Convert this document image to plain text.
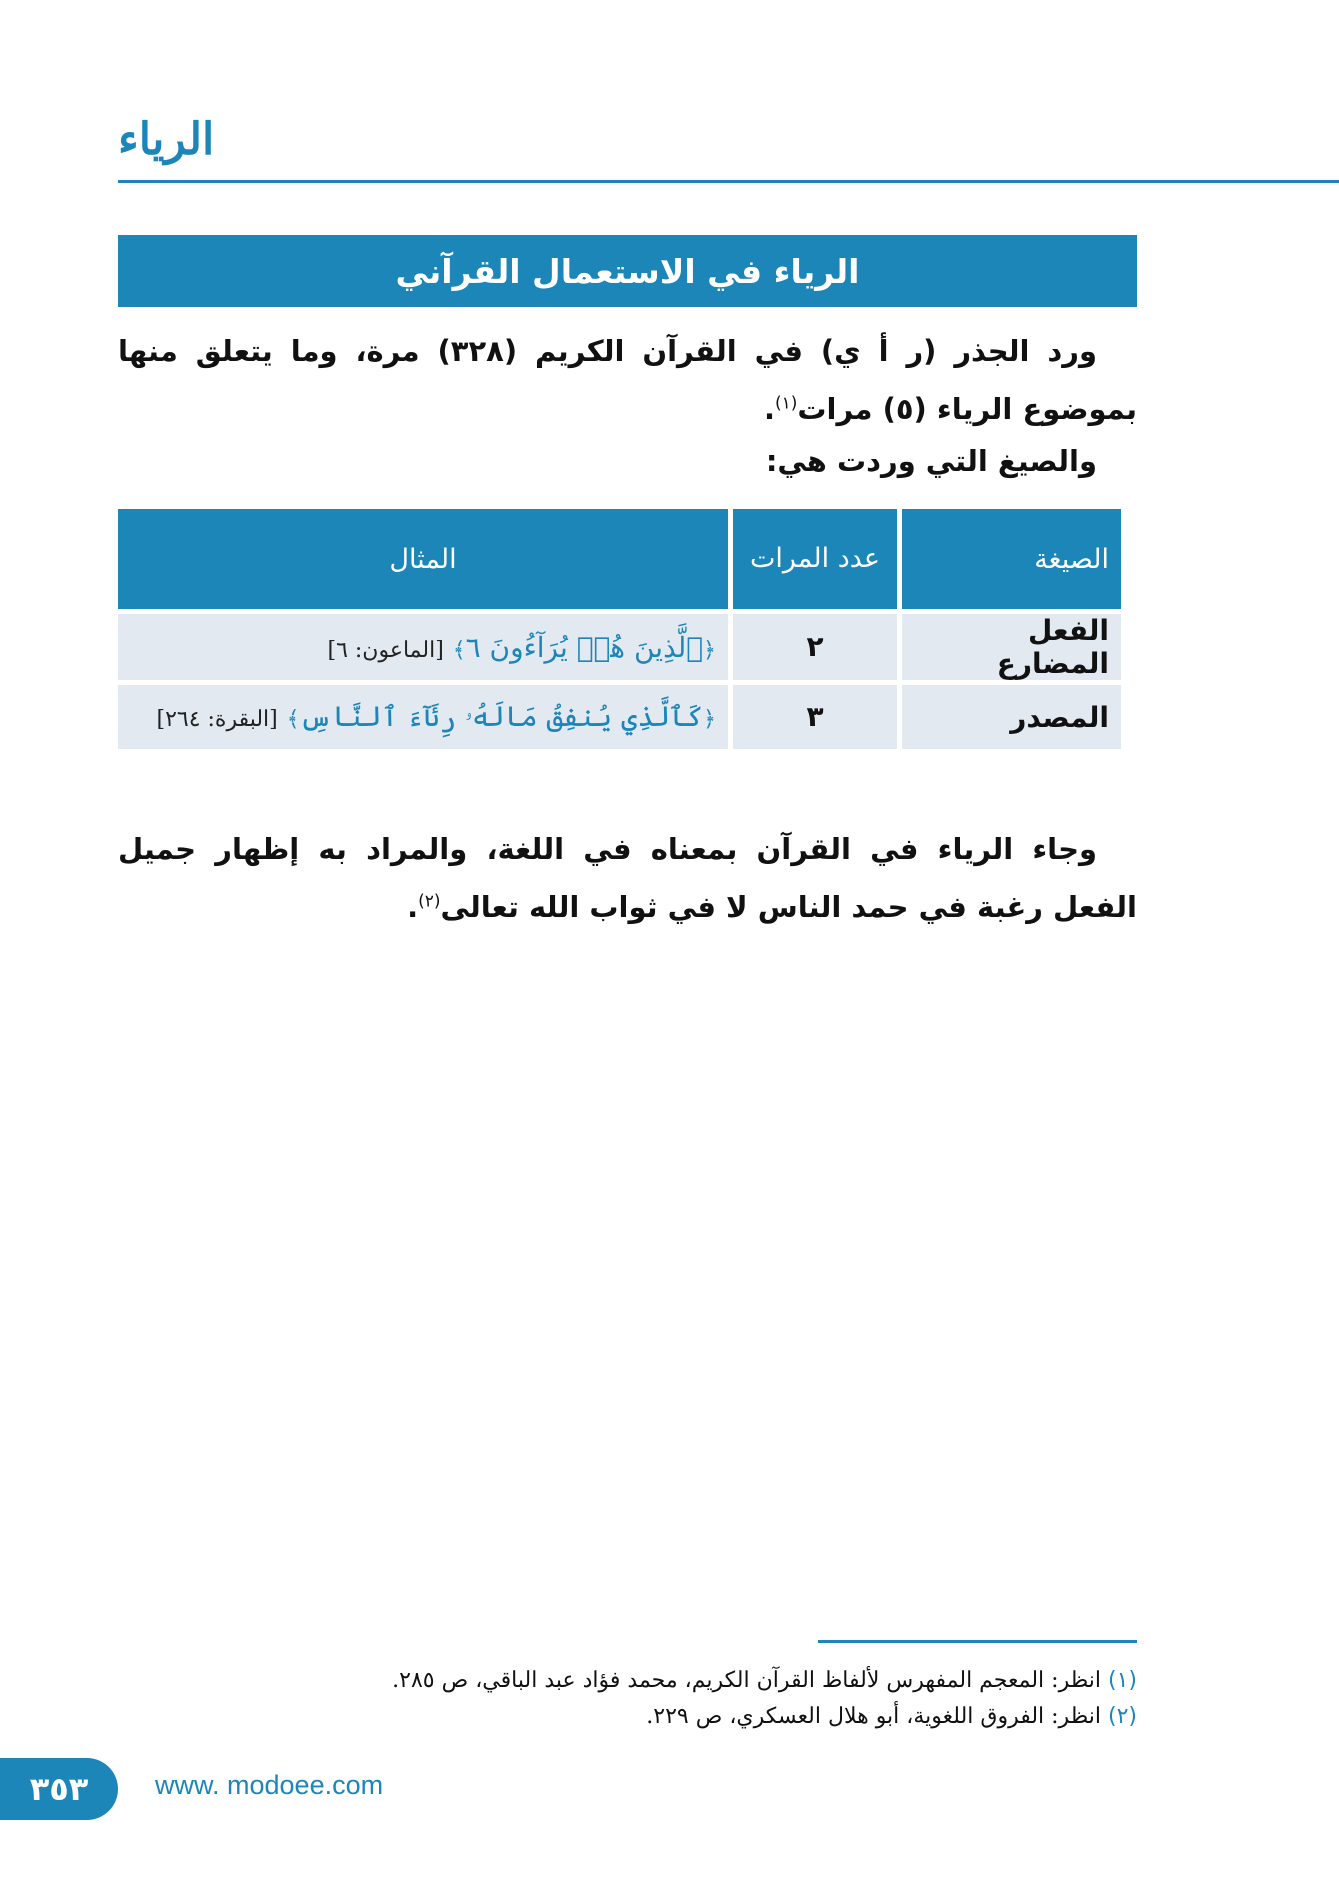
الرياء
الرياء في الاستعمال القرآني
ورد الجذر (ر أ ي) في القرآن الكريم (٣٢٨) مرة، وما يتعلق منها بموضوع الرياء (٥) مرات$^{(١)}$.
والصيغ التي وردت هي:
الصيغة	عدد المرات	المثال
الفعل المضارع	٢	﴿ٱلَّذِينَ هُمۡ يُرَآءُونَ ٦﴾ [الماعون: ٦]
المصدر	٣	﴿كَٱلَّذِي يُنفِقُ مَالَهُۥ رِئَآءَ ٱلنَّاسِ﴾ [البقرة: ٢٦٤]
وجاء الرياء في القرآن بمعناه في اللغة، والمراد به إظهار جميل الفعل رغبة في حمد الناس لا في ثواب الله تعالى$^{(٢)}$.
(١) انظر: المعجم المفهرس لألفاظ القرآن الكريم، محمد فؤاد عبد الباقي، ص ٢٨٥.
(٢) انظر: الفروق اللغوية، أبو هلال العسكري، ص ٢٢٩.
٣٥٣ www. modoee.com
